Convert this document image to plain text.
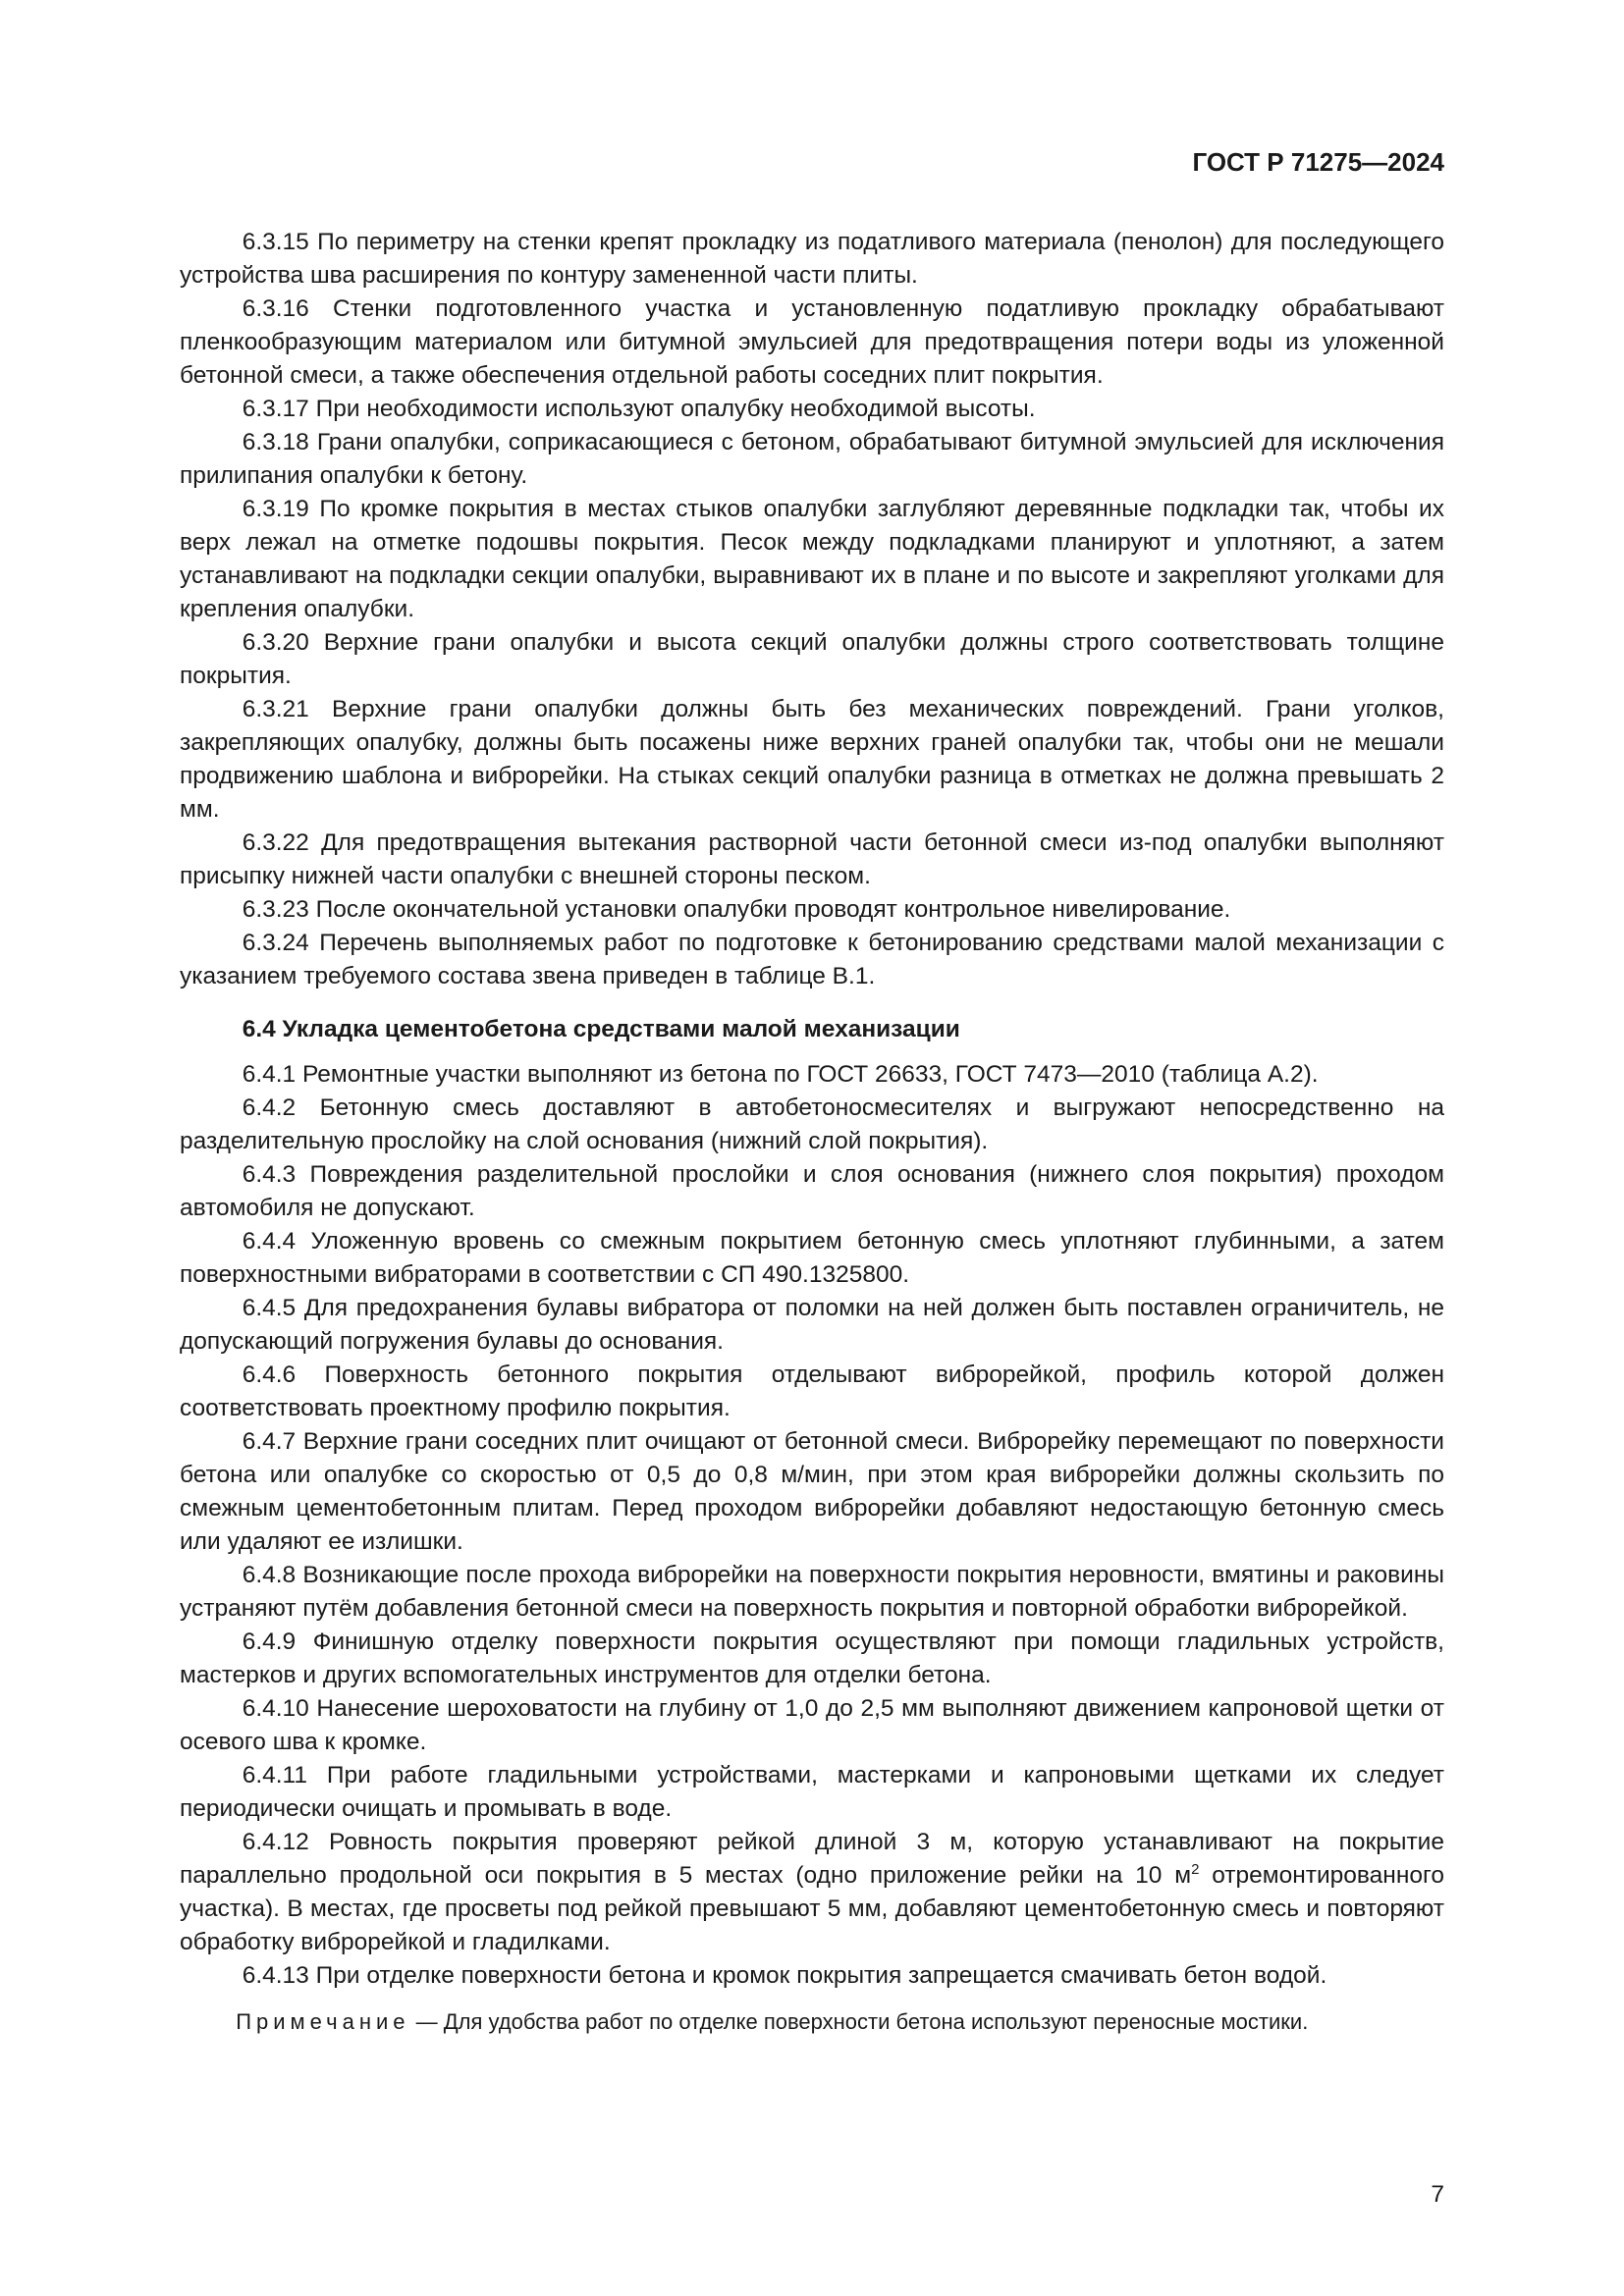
ГОСТ Р 71275—2024

6.3.15 По периметру на стенки крепят прокладку из податливого материала (пенолон) для последующего устройства шва расширения по контуру замененной части плиты.

6.3.16 Стенки подготовленного участка и установленную податливую прокладку обрабатывают пленкообразующим материалом или битумной эмульсией для предотвращения потери воды из уложенной бетонной смеси, а также обеспечения отдельной работы соседних плит покрытия.

6.3.17 При необходимости используют опалубку необходимой высоты.

6.3.18 Грани опалубки, соприкасающиеся с бетоном, обрабатывают битумной эмульсией для исключения прилипания опалубки к бетону.

6.3.19 По кромке покрытия в местах стыков опалубки заглубляют деревянные подкладки так, чтобы их верх лежал на отметке подошвы покрытия. Песок между подкладками планируют и уплотняют, а затем устанавливают на подкладки секции опалубки, выравнивают их в плане и по высоте и закрепляют уголками для крепления опалубки.

6.3.20 Верхние грани опалубки и высота секций опалубки должны строго соответствовать толщине покрытия.

6.3.21 Верхние грани опалубки должны быть без механических повреждений. Грани уголков, закрепляющих опалубку, должны быть посажены ниже верхних граней опалубки так, чтобы они не мешали продвижению шаблона и виброрейки. На стыках секций опалубки разница в отметках не должна превышать 2 мм.

6.3.22 Для предотвращения вытекания растворной части бетонной смеси из-под опалубки выполняют присыпку нижней части опалубки с внешней стороны песком.

6.3.23 После окончательной установки опалубки проводят контрольное нивелирование.

6.3.24 Перечень выполняемых работ по подготовке к бетонированию средствами малой механизации с указанием требуемого состава звена приведен в таблице В.1.

6.4 Укладка цементобетона средствами малой механизации

6.4.1 Ремонтные участки выполняют из бетона по ГОСТ 26633, ГОСТ 7473—2010 (таблица А.2).

6.4.2 Бетонную смесь доставляют в автобетоносмесителях и выгружают непосредственно на разделительную прослойку на слой основания (нижний слой покрытия).

6.4.3 Повреждения разделительной прослойки и слоя основания (нижнего слоя покрытия) проходом автомобиля не допускают.

6.4.4 Уложенную вровень со смежным покрытием бетонную смесь уплотняют глубинными, а затем поверхностными вибраторами в соответствии с СП 490.1325800.

6.4.5 Для предохранения булавы вибратора от поломки на ней должен быть поставлен ограничитель, не допускающий погружения булавы до основания.

6.4.6 Поверхность бетонного покрытия отделывают виброрейкой, профиль которой должен соответствовать проектному профилю покрытия.

6.4.7 Верхние грани соседних плит очищают от бетонной смеси. Виброрейку перемещают по поверхности бетона или опалубке со скоростью от 0,5 до 0,8 м/мин, при этом края виброрейки должны скользить по смежным цементобетонным плитам. Перед проходом виброрейки добавляют недостающую бетонную смесь или удаляют ее излишки.

6.4.8 Возникающие после прохода виброрейки на поверхности покрытия неровности, вмятины и раковины устраняют путём добавления бетонной смеси на поверхность покрытия и повторной обработки виброрейкой.

6.4.9 Финишную отделку поверхности покрытия осуществляют при помощи гладильных устройств, мастерков и других вспомогательных инструментов для отделки бетона.

6.4.10 Нанесение шероховатости на глубину от 1,0 до 2,5 мм выполняют движением капроновой щетки от осевого шва к кромке.

6.4.11 При работе гладильными устройствами, мастерками и капроновыми щетками их следует периодически очищать и промывать в воде.

6.4.12 Ровность покрытия проверяют рейкой длиной 3 м, которую устанавливают на покрытие параллельно продольной оси покрытия в 5 местах (одно приложение рейки на 10 $м^2$ отремонтированного участка). В местах, где просветы под рейкой превышают 5 мм, добавляют цементобетонную смесь и повторяют обработку виброрейкой и гладилками.

6.4.13 При отделке поверхности бетона и кромок покрытия запрещается смачивать бетон водой.

Примечание — Для удобства работ по отделке поверхности бетона используют переносные мостики.

7
